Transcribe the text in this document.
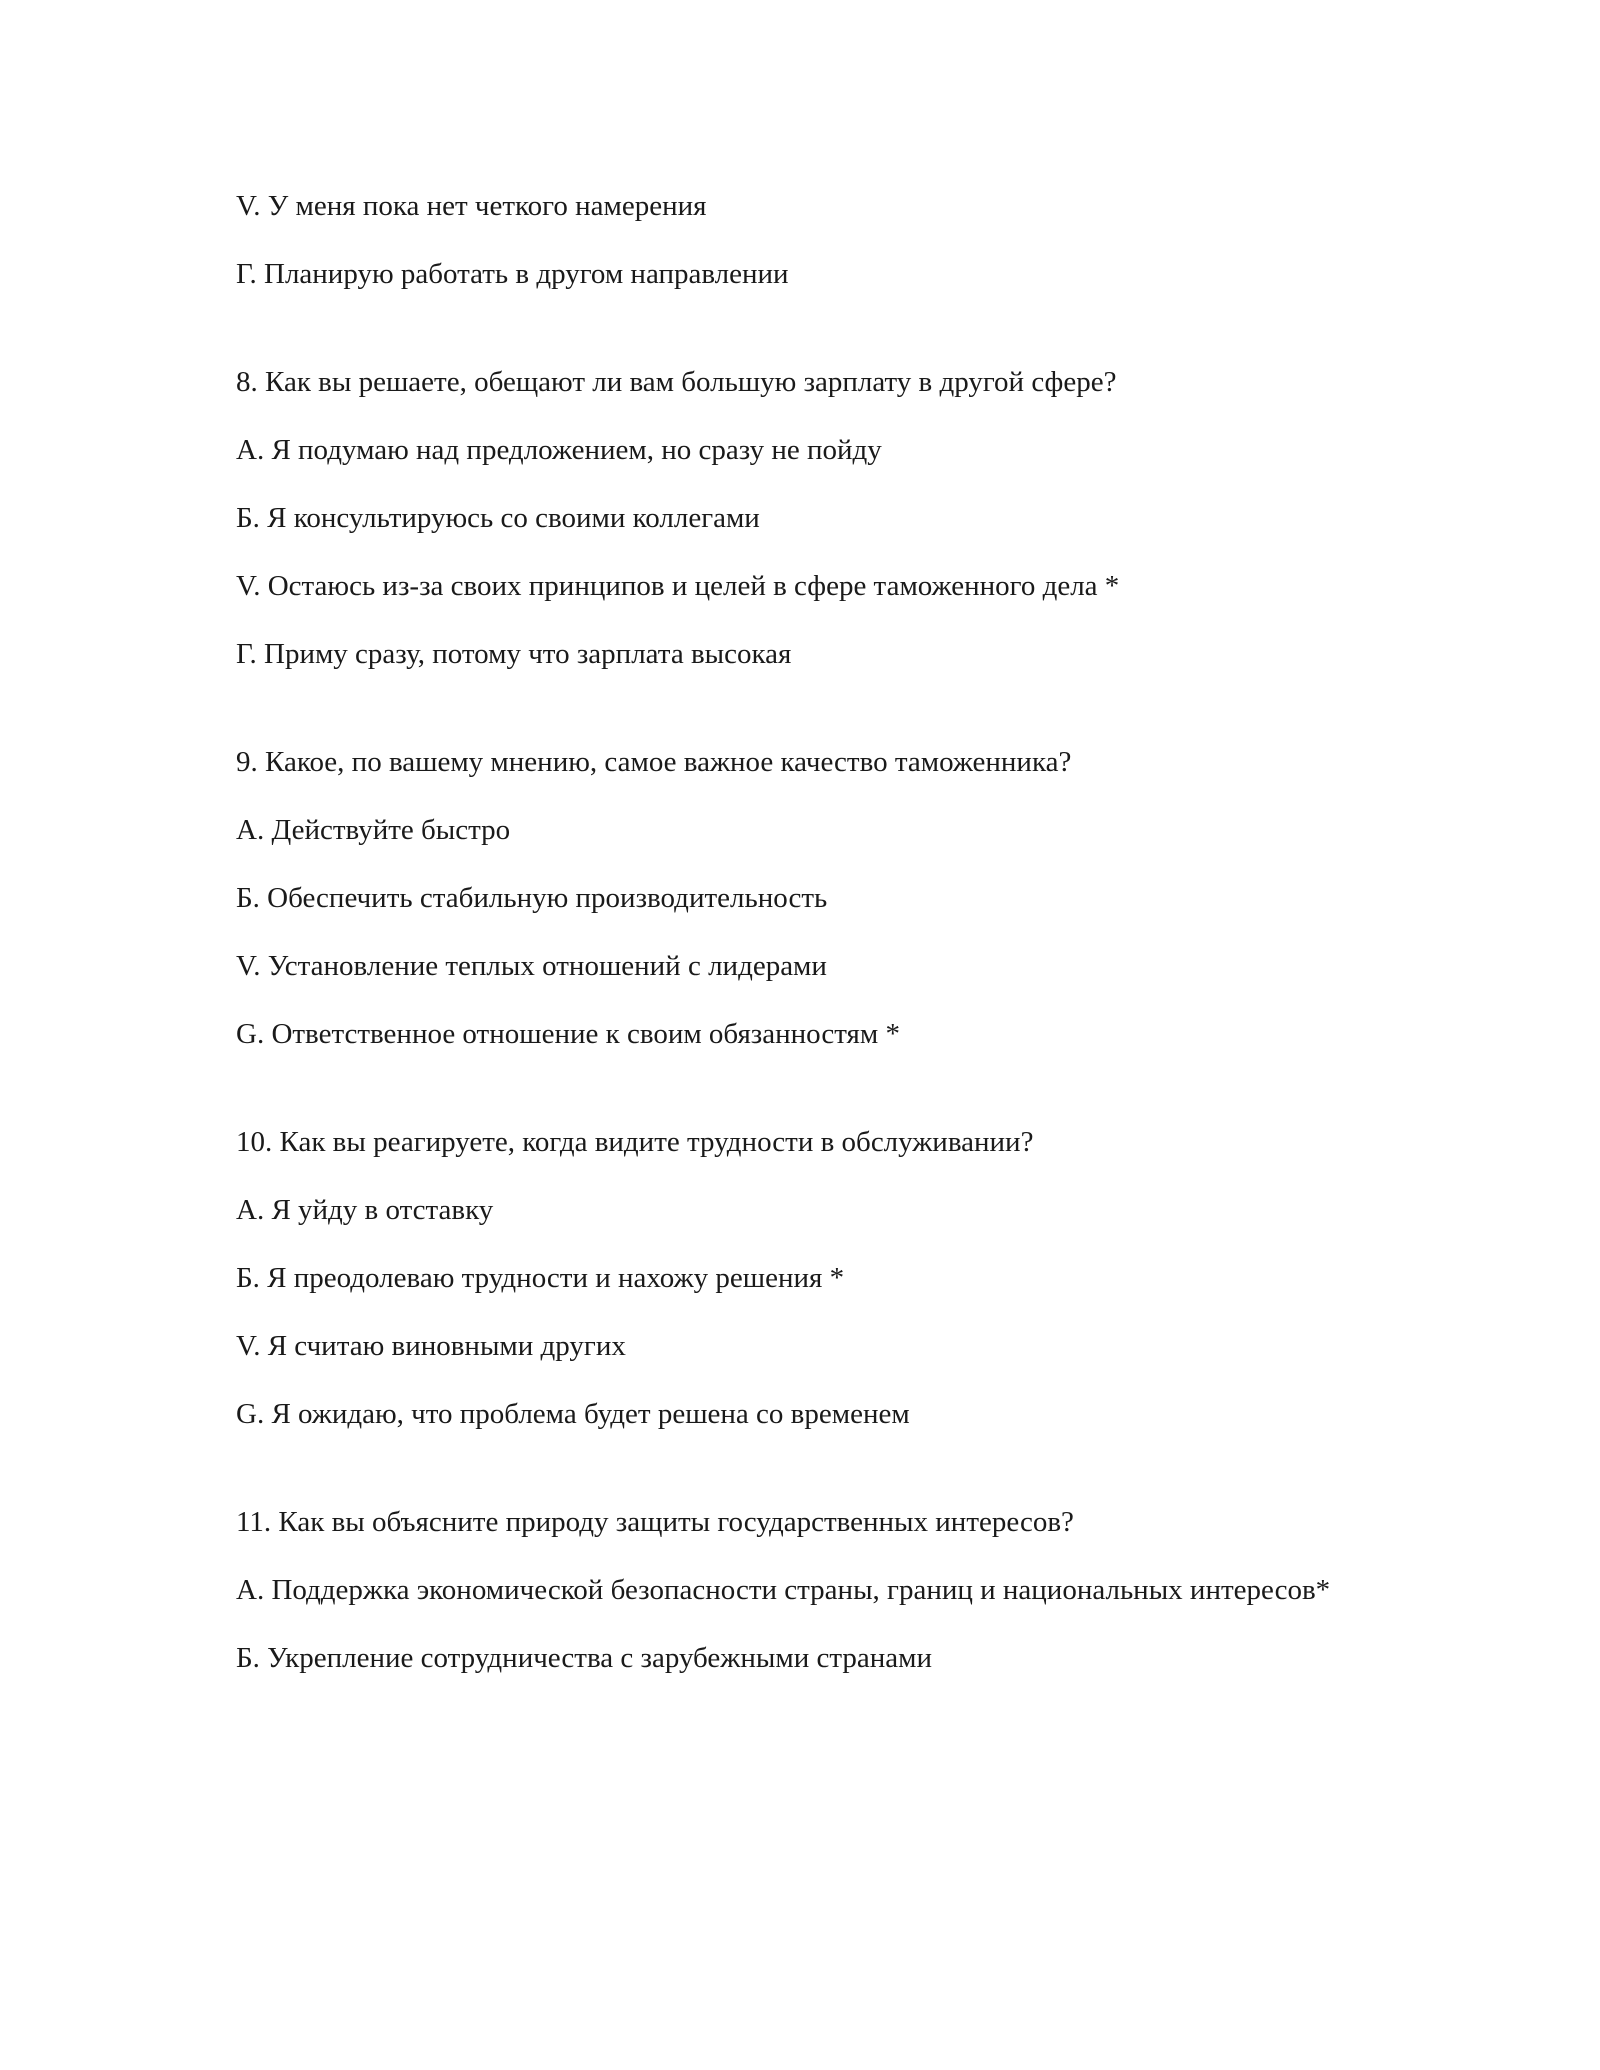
V. У меня пока нет четкого намерения
Г. Планирую работать в другом направлении
8. Как вы решаете, обещают ли вам большую зарплату в другой сфере?
А. Я подумаю над предложением, но сразу не пойду
Б. Я консультируюсь со своими коллегами
V. Остаюсь из-за своих принципов и целей в сфере таможенного дела *
Г. Приму сразу, потому что зарплата высокая
9. Какое, по вашему мнению, самое важное качество таможенника?
А. Действуйте быстро
Б. Обеспечить стабильную производительность
V. Установление теплых отношений с лидерами
G. Ответственное отношение к своим обязанностям *
10. Как вы реагируете, когда видите трудности в обслуживании?
А. Я уйду в отставку
Б. Я преодолеваю трудности и нахожу решения *
V. Я считаю виновными других
G. Я ожидаю, что проблема будет решена со временем
11. Как вы объясните природу защиты государственных интересов?
А. Поддержка экономической безопасности страны, границ и национальных интересов*
Б. Укрепление сотрудничества с зарубежными странами
